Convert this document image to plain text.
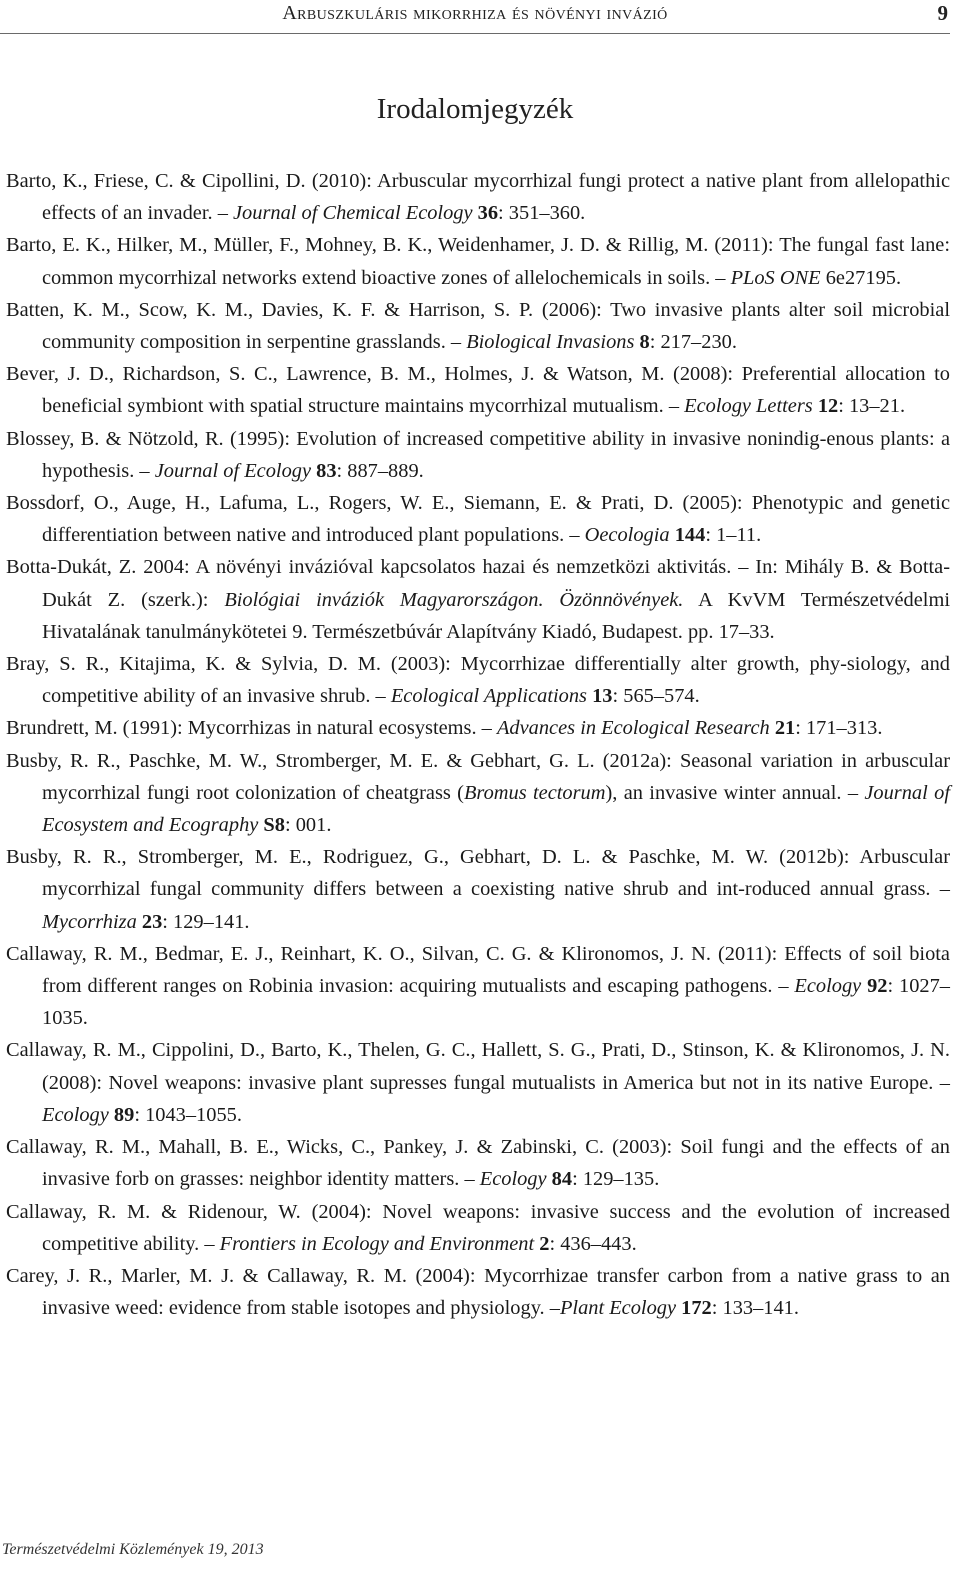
Arbuszkuláris mikorrhiza és növényi invázió	9
Irodalomjegyzék
Barto, K., Friese, C. & Cipollini, D. (2010): Arbuscular mycorrhizal fungi protect a native plant from allelopathic effects of an invader. – Journal of Chemical Ecology 36: 351–360.
Barto, E. K., Hilker, M., Müller, F., Mohney, B. K., Weidenhamer, J. D. & Rillig, M. (2011): The fungal fast lane: common mycorrhizal networks extend bioactive zones of allelochemicals in soils. – PLoS ONE 6e27195.
Batten, K. M., Scow, K. M., Davies, K. F. & Harrison, S. P. (2006): Two invasive plants alter soil microbial community composition in serpentine grasslands. – Biological Invasions 8: 217–230.
Bever, J. D., Richardson, S. C., Lawrence, B. M., Holmes, J. & Watson, M. (2008): Preferential allocation to beneficial symbiont with spatial structure maintains mycorrhizal mutualism. – Ecology Letters 12: 13–21.
Blossey, B. & Nötzold, R. (1995): Evolution of increased competitive ability in invasive nonindig-enous plants: a hypothesis. – Journal of Ecology 83: 887–889.
Bossdorf, O., Auge, H., Lafuma, L., Rogers, W. E., Siemann, E. & Prati, D. (2005): Phenotypic and genetic differentiation between native and introduced plant populations. – Oecologia 144: 1–11.
Botta-Dukát, Z. 2004: A növényi invázióval kapcsolatos hazai és nemzetközi aktivitás. – In: Mihály B. & Botta-Dukát Z. (szerk.): Biológiai inváziók Magyarországon. Özönnövények. A KvVM Természetvédelmi Hivatalának tanulmánykötetei 9. Természetbúvár Alapítvány Kiadó, Budapest. pp. 17–33.
Bray, S. R., Kitajima, K. & Sylvia, D. M. (2003): Mycorrhizae differentially alter growth, phy-siology, and competitive ability of an invasive shrub. – Ecological Applications 13: 565–574.
Brundrett, M. (1991): Mycorrhizas in natural ecosystems. – Advances in Ecological Research 21: 171–313.
Busby, R. R., Paschke, M. W., Stromberger, M. E. & Gebhart, G. L. (2012a): Seasonal variation in arbuscular mycorrhizal fungi root colonization of cheatgrass (Bromus tectorum), an invasive winter annual. – Journal of Ecosystem and Ecography S8: 001.
Busby, R. R., Stromberger, M. E., Rodriguez, G., Gebhart, D. L. & Paschke, M. W. (2012b): Arbuscular mycorrhizal fungal community differs between a coexisting native shrub and int-roduced annual grass. – Mycorrhiza 23: 129–141.
Callaway, R. M., Bedmar, E. J., Reinhart, K. O., Silvan, C. G. & Klironomos, J. N. (2011): Effects of soil biota from different ranges on Robinia invasion: acquiring mutualists and escaping pathogens. – Ecology 92: 1027–1035.
Callaway, R. M., Cippolini, D., Barto, K., Thelen, G. C., Hallett, S. G., Prati, D., Stinson, K. & Klironomos, J. N. (2008): Novel weapons: invasive plant supresses fungal mutualists in America but not in its native Europe. – Ecology 89: 1043–1055.
Callaway, R. M., Mahall, B. E., Wicks, C., Pankey, J. & Zabinski, C. (2003): Soil fungi and the effects of an invasive forb on grasses: neighbor identity matters. – Ecology 84: 129–135.
Callaway, R. M. & Ridenour, W. (2004): Novel weapons: invasive success and the evolution of increased competitive ability. – Frontiers in Ecology and Environment 2: 436–443.
Carey, J. R., Marler, M. J. & Callaway, R. M. (2004): Mycorrhizae transfer carbon from a native grass to an invasive weed: evidence from stable isotopes and physiology. –Plant Ecology 172: 133–141.
Természetvédelmi Közlemények 19, 2013
